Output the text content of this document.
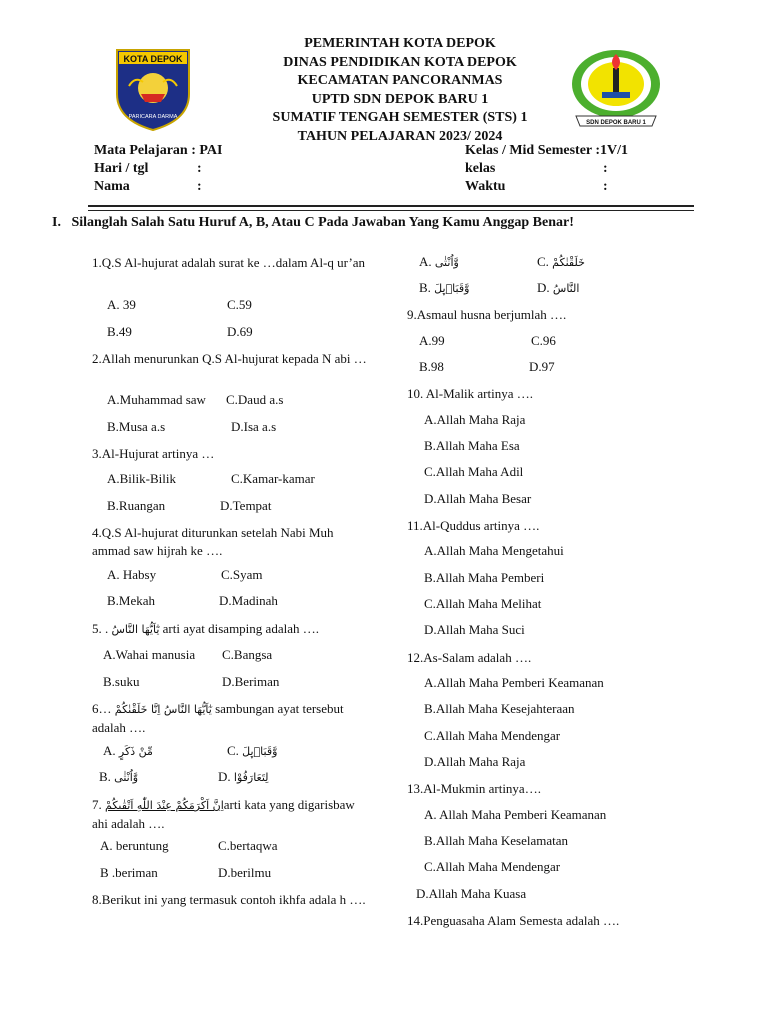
KOTA DEPOK
PARICARA DARMA
SDN DEPOK BARU 1
PEMERINTAH KOTA DEPOK
DINAS PENDIDIKAN KOTA DEPOK
KECAMATAN PANCORANMAS
UPTD SDN DEPOK BARU 1
SUMATIF TENGAH SEMESTER (STS) 1
TAHUN PELAJARAN 2023/ 2024
Mata Pelajaran : PAI
Hari / tgl	:
Nama	:
Kelas / Mid Semester :1V/1
kelas	:
Waktu	:
I.   Silanglah Salah Satu Huruf A, B, Atau C Pada Jawaban Yang Kamu Anggap Benar!
1.Q.S Al-hujurat adalah surat ke …dalam Al-q ur’an
A. 39	C.59
B.49	D.69
2.Allah menurunkan Q.S Al-hujurat kepada N abi …
A.Muhammad saw C.Daud a.s
B.Musa a.s	D.Isa a.s
3.Al-Hujurat artinya …
A.Bilik-Bilik	C.Kamar-kamar
B.Ruangan	D.Tempat
4.Q.S Al-hujurat diturunkan setelah Nabi Muh ammad saw hijrah ke ….
A. Habsy	C.Syam
B.Mekah	D.Madinah
5. . يٰٓاَيُّهَا النَّاسُ arti ayat disamping adalah ….
A.Wahai manusia C.Bangsa
B.suku	D.Beriman
6… يٰٓاَيُّهَا النَّاسُ اِنَّا خَلَقْنٰكُمْ sambungan ayat tersebut adalah ….
A. مِّنْ ذَكَرٍ	C. وَّقَبَاۤىِٕلَ
B. وَّاُنْثٰى	D. لِتَعَارَفُوْا
7. اِنَّ اَكْرَمَكُمْ عِنْدَ اللّٰهِ اَتْقٰىكُمْarti kata yang digarisbaw ahi adalah ….
A. beruntung	C.bertaqwa
B .beriman	D.berilmu
8.Berikut ini yang termasuk contoh ikhfa adala h ….
A. وَّاُنْثٰى	C. خَلَقْنٰكُمْ
B. وَّقَبَاۤىِٕلَ	D. النَّاسُ
9.Asmaul husna berjumlah ….
A.99	C.96
B.98	D.97
10. Al-Malik artinya ….
A.Allah Maha Raja
B.Allah Maha Esa
C.Allah Maha Adil
D.Allah Maha Besar
11.Al-Quddus artinya ….
A.Allah Maha Mengetahui
B.Allah Maha Pemberi
C.Allah Maha Melihat
D.Allah Maha Suci
12.As-Salam adalah ….
A.Allah Maha Pemberi Keamanan
B.Allah Maha Kesejahteraan
C.Allah Maha Mendengar
D.Allah Maha Raja
13.Al-Mukmin artinya….
A. Allah Maha Pemberi Keamanan
B.Allah Maha Keselamatan
C.Allah Maha Mendengar
D.Allah Maha Kuasa
14.Penguasaha Alam Semesta adalah ….
